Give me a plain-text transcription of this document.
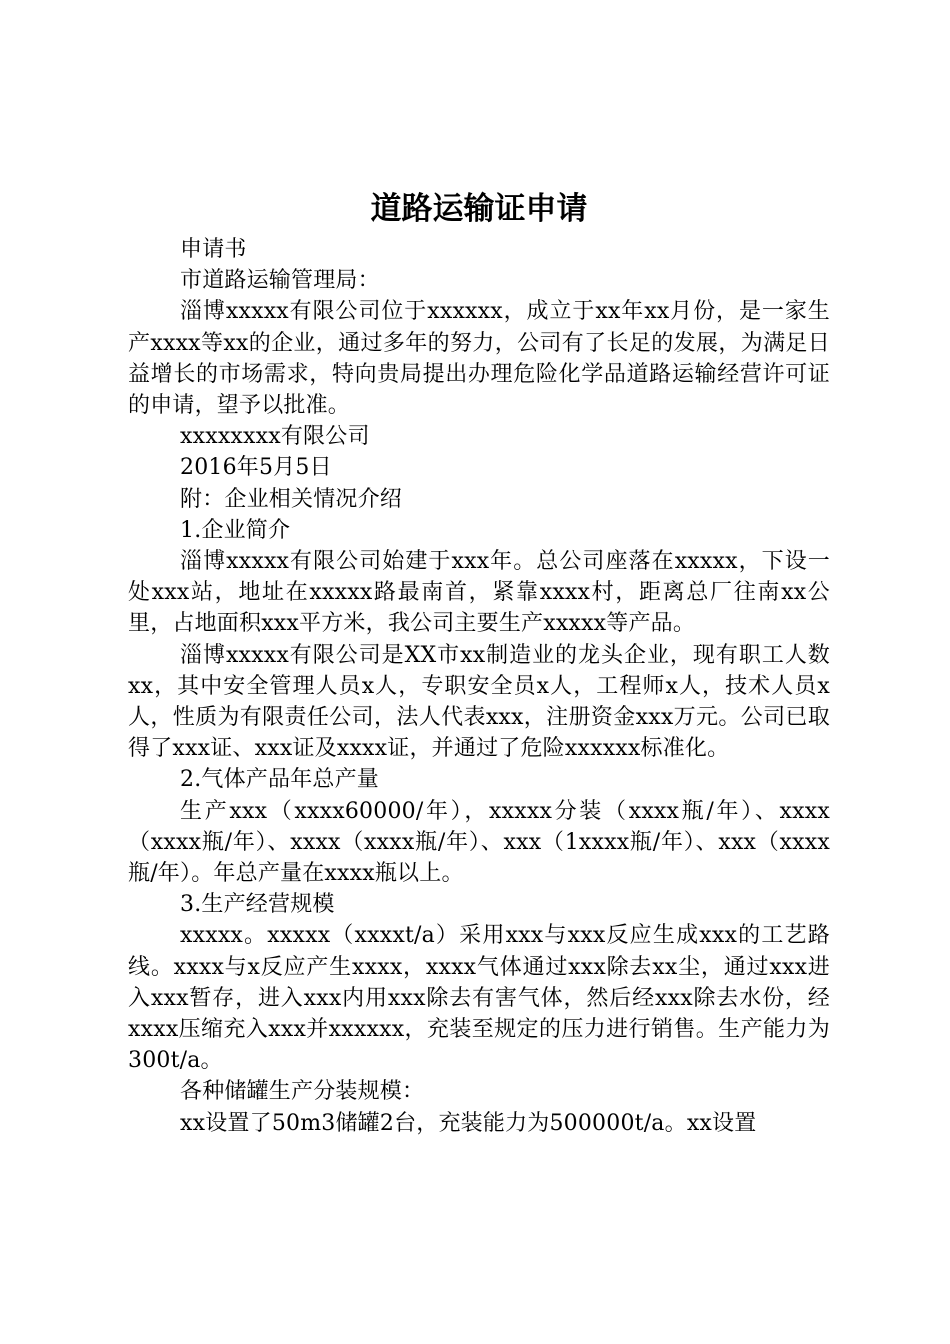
道路运输证申请

申请书

市道路运输管理局：

淄博xxxxx有限公司位于xxxxxx，成立于xx年xx月份，是一家生产xxxx等xx的企业，通过多年的努力，公司有了长足的发展，为满足日益增长的市场需求，特向贵局提出办理危险化学品道路运输经营许可证的申请，望予以批准。

xxxxxxxx有限公司

2016年5月5日

附：企业相关情况介绍

1.企业简介

淄博xxxxx有限公司始建于xxx年。总公司座落在xxxxx，下设一处xxx站，地址在xxxxx路最南首，紧靠xxxx村，距离总厂往南xx公里，占地面积xxx平方米，我公司主要生产xxxxx等产品。

淄博xxxxx有限公司是XX市xx制造业的龙头企业，现有职工人数xx，其中安全管理人员x人，专职安全员x人，工程师x人，技术人员x人，性质为有限责任公司，法人代表xxx，注册资金xxx万元。公司已取得了xxx证、xxx证及xxxx证，并通过了危险xxxxxx标准化。

2.气体产品年总产量

生产xxx（xxxx60000/年），xxxxx分装（xxxx瓶/年）、xxxx（xxxx瓶/年）、xxxx（xxxx瓶/年）、xxx（1xxxx瓶/年）、xxx（xxxx瓶/年）。年总产量在xxxx瓶以上。

3.生产经营规模

xxxxx。xxxxx（xxxxt/a）采用xxx与xxx反应生成xxx的工艺路线。xxxx与x反应产生xxxx，xxxx气体通过xxx除去xx尘，通过xxx进入xxx暂存，进入xxx内用xxx除去有害气体，然后经xxx除去水份，经xxxx压缩充入xxx并xxxxxx，充装至规定的压力进行销售。生产能力为300t/a。

各种储罐生产分装规模：

xx设置了50m3储罐2台，充装能力为500000t/a。xx设置
